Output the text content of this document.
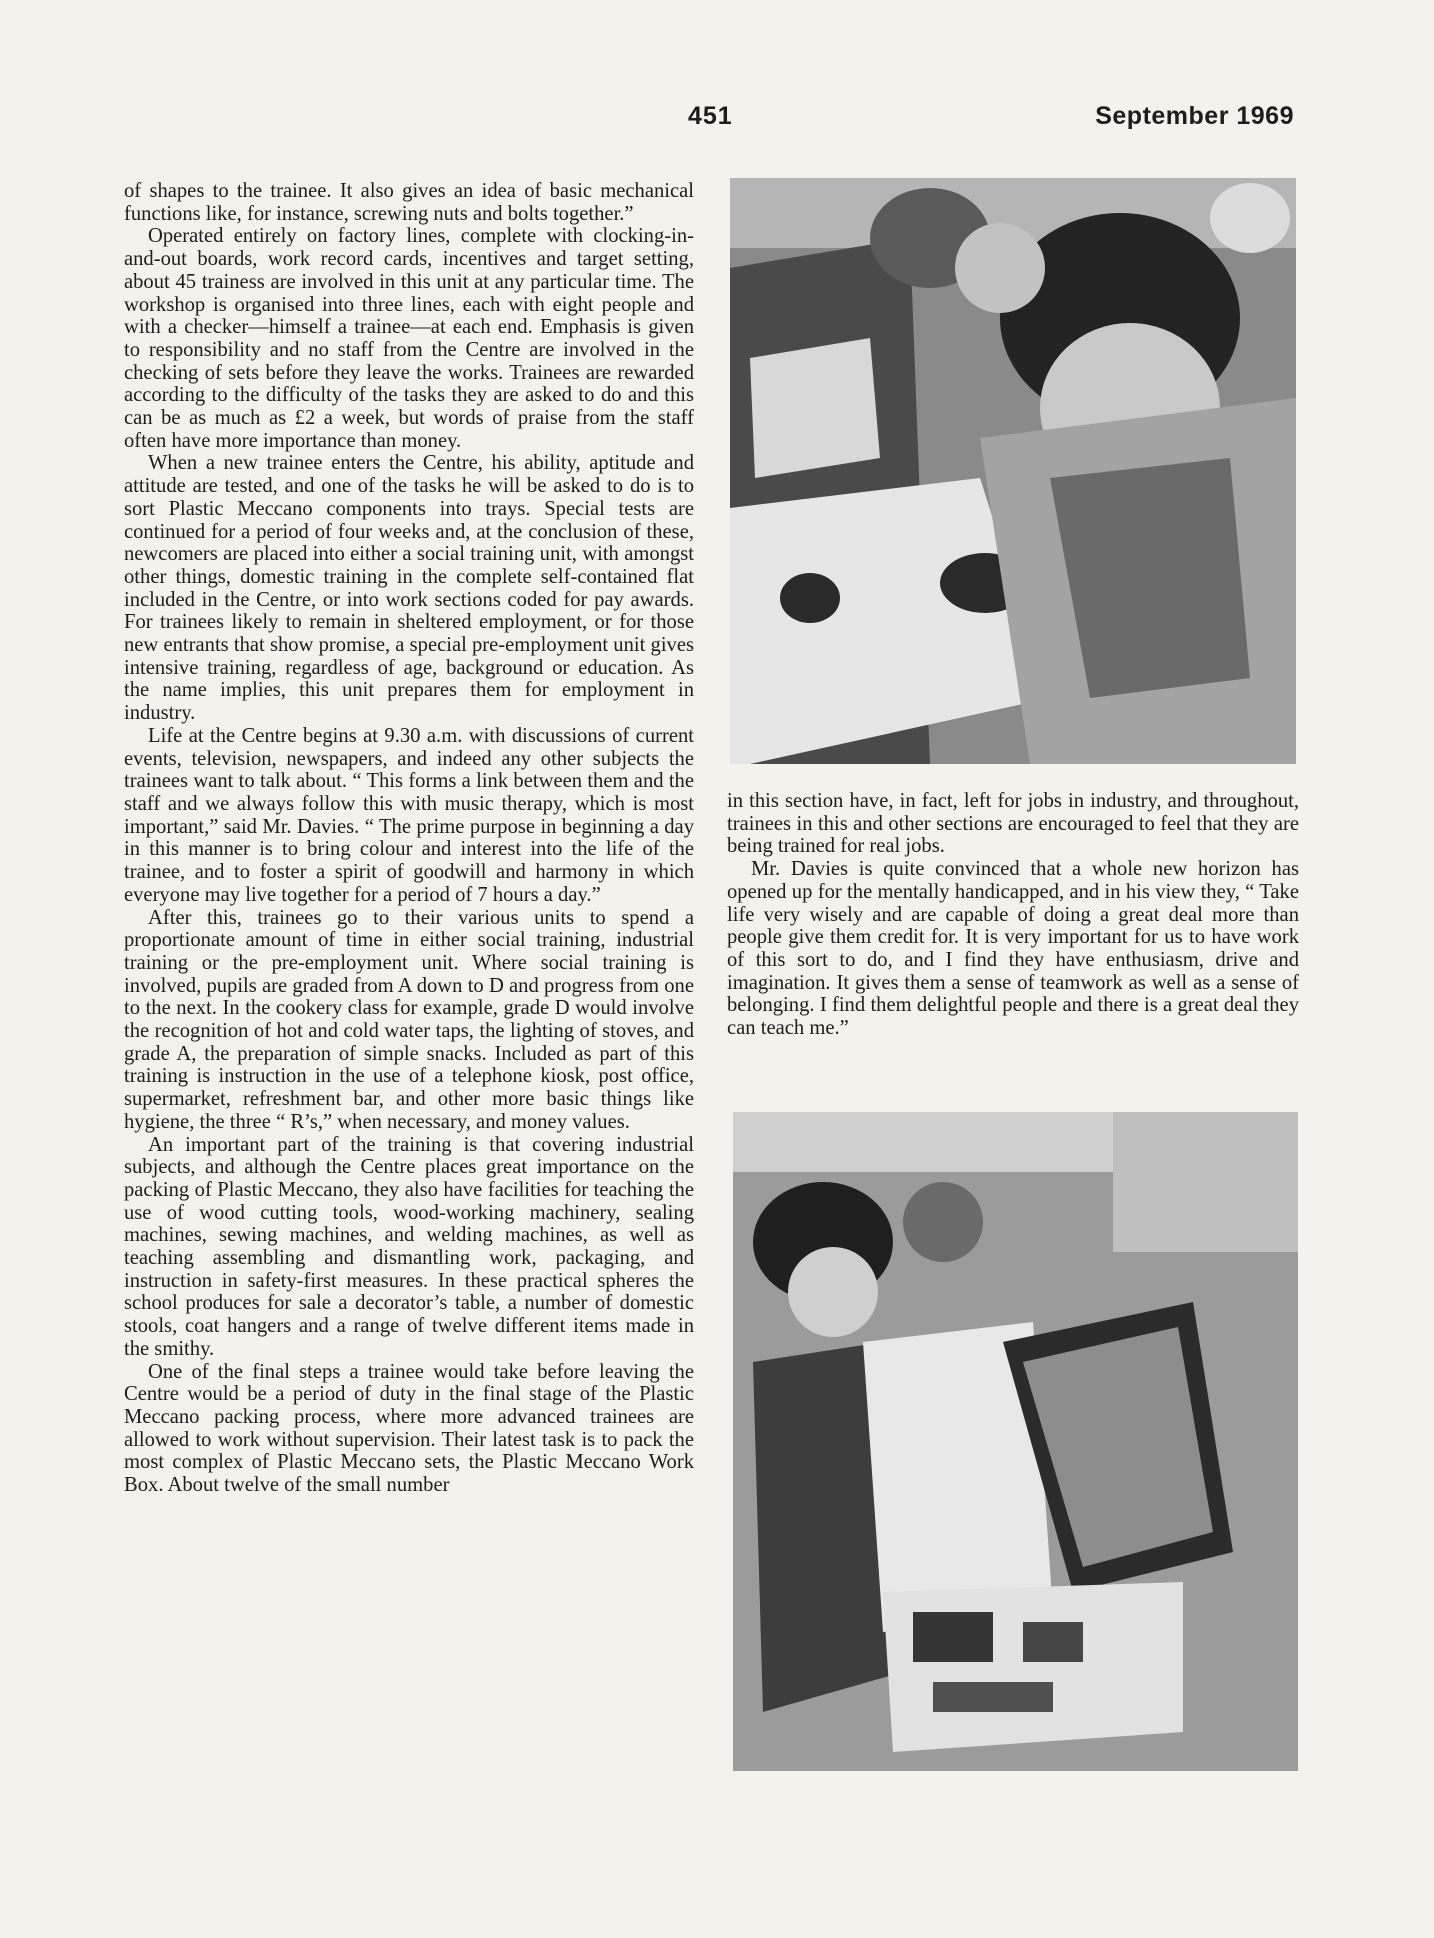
451	September 1969

of shapes to the trainee. It also gives an idea of basic mechanical functions like, for instance, screwing nuts and bolts together.”

Operated entirely on factory lines, complete with clocking-in-and-out boards, work record cards, incentives and target setting, about 45 trainess are involved in this unit at any particular time. The workshop is organised into three lines, each with eight people and with a checker—himself a trainee—at each end. Emphasis is given to responsibility and no staff from the Centre are involved in the checking of sets before they leave the works. Trainees are rewarded according to the difficulty of the tasks they are asked to do and this can be as much as £2 a week, but words of praise from the staff often have more importance than money.

When a new trainee enters the Centre, his ability, aptitude and attitude are tested, and one of the tasks he will be asked to do is to sort Plastic Meccano components into trays. Special tests are continued for a period of four weeks and, at the conclusion of these, newcomers are placed into either a social training unit, with amongst other things, domestic training in the complete self-contained flat included in the Centre, or into work sections coded for pay awards. For trainees likely to remain in sheltered employment, or for those new entrants that show promise, a special pre-employment unit gives intensive training, regardless of age, background or education. As the name implies, this unit prepares them for employment in industry.

Life at the Centre begins at 9.30 a.m. with discussions of current events, television, newspapers, and indeed any other subjects the trainees want to talk about. “ This forms a link between them and the staff and we always follow this with music therapy, which is most important,” said Mr. Davies. “ The prime purpose in beginning a day in this manner is to bring colour and interest into the life of the trainee, and to foster a spirit of goodwill and harmony in which everyone may live together for a period of 7 hours a day.”

After this, trainees go to their various units to spend a proportionate amount of time in either social training, industrial training or the pre-employment unit. Where social training is involved, pupils are graded from A down to D and progress from one to the next. In the cookery class for example, grade D would involve the recognition of hot and cold water taps, the lighting of stoves, and grade A, the preparation of simple snacks. Included as part of this training is instruction in the use of a telephone kiosk, post office, supermarket, refreshment bar, and other more basic things like hygiene, the three “ R’s,” when necessary, and money values.

An important part of the training is that covering industrial subjects, and although the Centre places great importance on the packing of Plastic Meccano, they also have facilities for teaching the use of wood cutting tools, wood-working machinery, sealing machines, sewing machines, and welding machines, as well as teaching assembling and dismantling work, packaging, and instruction in safety-first measures. In these practical spheres the school produces for sale a decorator’s table, a number of domestic stools, coat hangers and a range of twelve different items made in the smithy.

One of the final steps a trainee would take before leaving the Centre would be a period of duty in the final stage of the Plastic Meccano packing process, where more advanced trainees are allowed to work without supervision. Their latest task is to pack the most complex of Plastic Meccano sets, the Plastic Meccano Work Box. About twelve of the small number

in this section have, in fact, left for jobs in industry, and throughout, trainees in this and other sections are encouraged to feel that they are being trained for real jobs.

Mr. Davies is quite convinced that a whole new horizon has opened up for the mentally handicapped, and in his view they, “ Take life very wisely and are capable of doing a great deal more than people give them credit for. It is very important for us to have work of this sort to do, and I find they have enthusiasm, drive and imagination. It gives them a sense of teamwork as well as a sense of belonging. I find them delightful people and there is a great deal they can teach me.”
